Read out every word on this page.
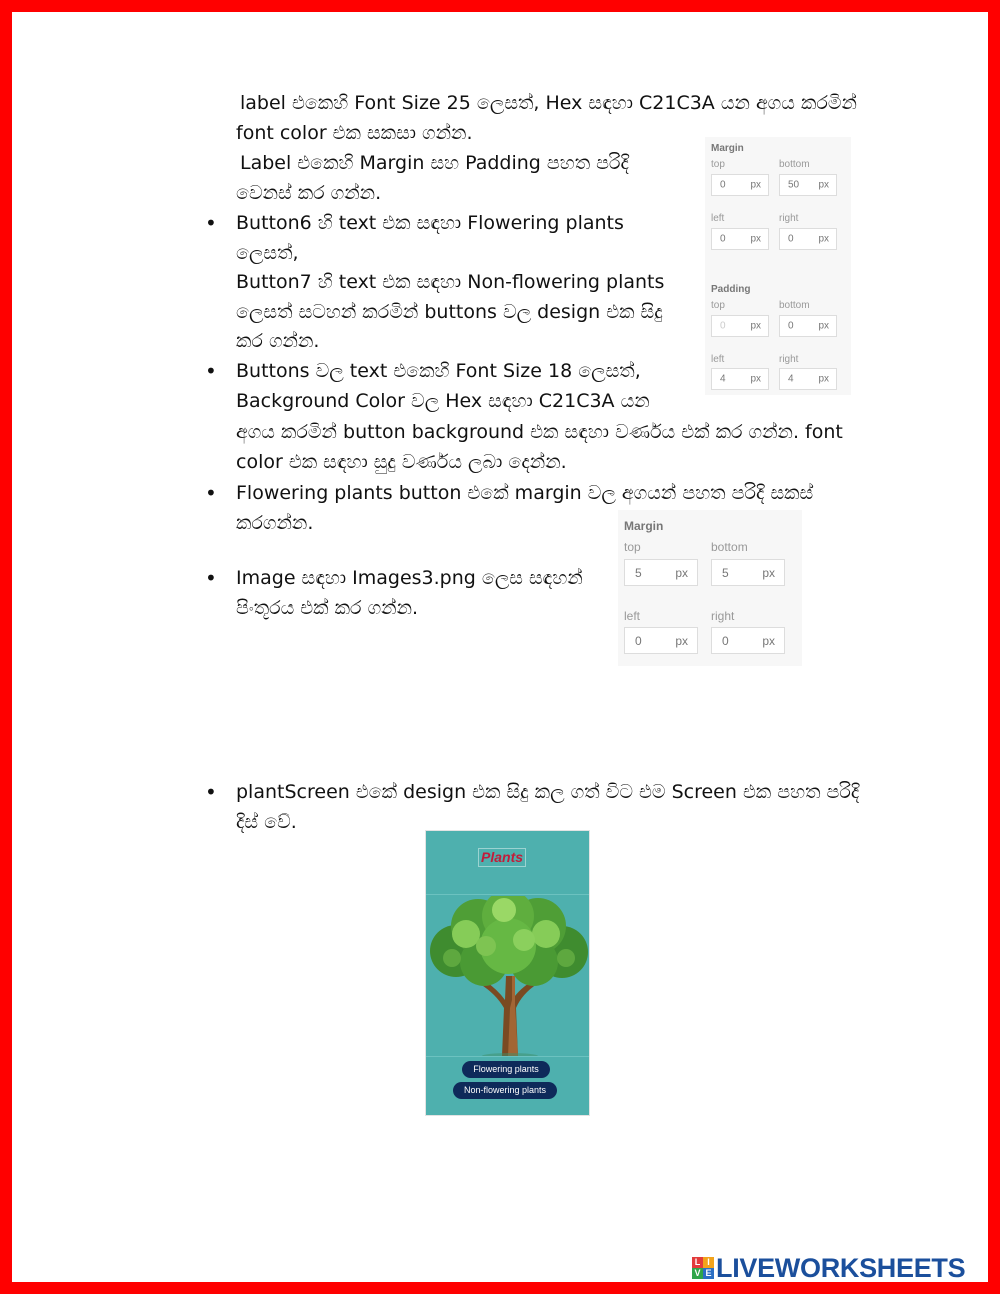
label එකෙහි Font Size 25 ලෙසත්, Hex සඳහා C21C3A යන අගය කරමින්
font color එක සකසා ගන්න.
Label එකෙහි Margin සහ Padding පහත පරිදි
වෙනස් කර ගන්න.
• Button6 හි text එක සඳහා Flowering plants
ලෙසත්,
Button7 හි text එක සඳහා Non-flowering plants
ලෙසත් සටහන් කරමින් buttons වල design එක සිදු
කර ගන්න.
• Buttons වල text එකෙහි Font Size 18 ලෙසත්,
Background Color වල Hex සඳහා C21C3A යන
අගය කරමින් button background එක සඳහා වර්ණය එක් කර ගන්න. font
color එක සඳහා සුදු වර්ණය ලබා දෙන්න.
• Flowering plants button එකේ margin වල අගයන් පහත පරිදි සකස්
කරගන්න.
• Image සඳහා Images3.png ලෙස සඳහන්
පිංතූරය එක් කර ගන්න.
• plantScreen එකේ design එක සිදු කල ගත් විට එම Screen එක පහත පරිදි
දිස් වේ.
Margin
top	bottom
0 px	50 px
left	right
0 px	0 px
Padding
top	bottom
0 px	0 px
left	right
4 px	4 px
Margin
top	bottom
5	px	5	px
left	right
0	px	0	px
Plants
Flowering plants
Non-flowering plants
L I
V E LIVEWORKSHEETS
